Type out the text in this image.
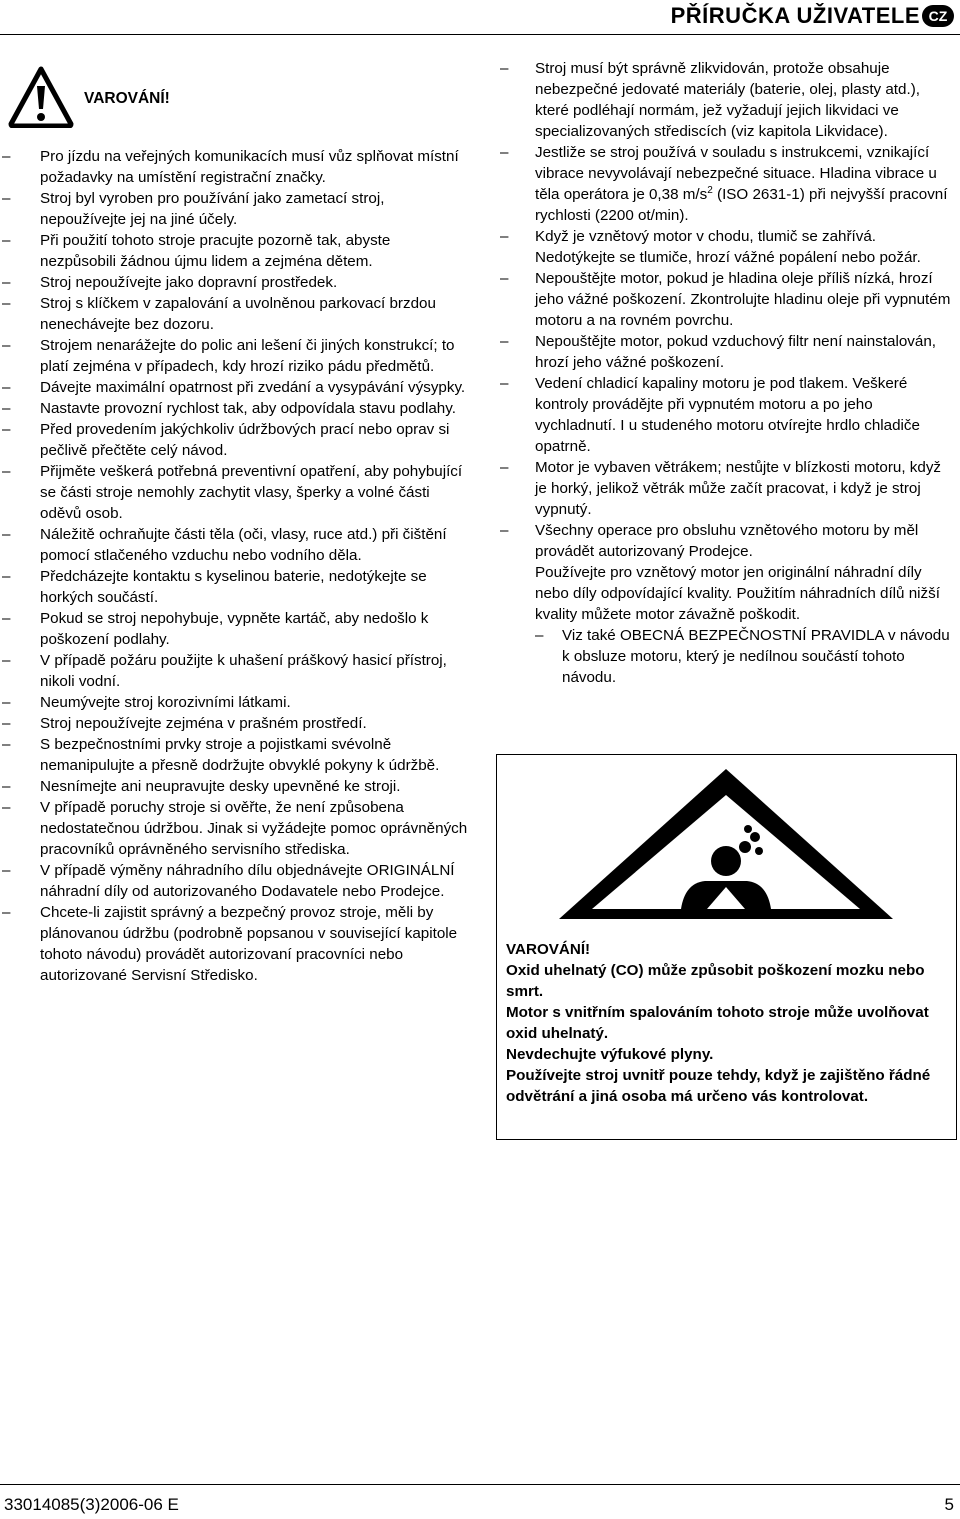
PŘÍRUČKA UŽIVATELE CZ
VAROVÁNÍ!
– Pro jízdu na veřejných komunikacích musí vůz splňovat místní požadavky na umístění registrační značky.
– Stroj byl vyroben pro používání jako zametací stroj, nepoužívejte jej na jiné účely.
– Při použití tohoto stroje pracujte pozorně tak, abyste nezpůsobili žádnou újmu lidem a zejména dětem.
– Stroj nepoužívejte jako dopravní prostředek.
– Stroj s klíčkem v zapalování a uvolněnou parkovací brzdou nenechávejte bez dozoru.
– Strojem nenarážejte do polic ani lešení či jiných konstrukcí; to platí zejména v případech, kdy hrozí riziko pádu předmětů.
– Dávejte maximální opatrnost při zvedání a vysypávání výsypky.
– Nastavte provozní rychlost tak, aby odpovídala stavu podlahy.
– Před provedením jakýchkoliv údržbových prací nebo oprav si pečlivě přečtěte celý návod.
– Přijměte veškerá potřebná preventivní opatření, aby pohybující se části stroje nemohly zachytit vlasy, šperky a volné části oděvů osob.
– Náležitě ochraňujte části těla (oči, vlasy, ruce atd.) při čištění pomocí stlačeného vzduchu nebo vodního děla.
– Předcházejte kontaktu s kyselinou baterie, nedotýkejte se horkých součástí.
– Pokud se stroj nepohybuje, vypněte kartáč, aby nedošlo k poškození podlahy.
– V případě požáru použijte k uhašení práškový hasicí přístroj, nikoli vodní.
– Neumývejte stroj korozivními látkami.
– Stroj nepoužívejte zejména v prašném prostředí.
– S bezpečnostními prvky stroje a pojistkami svévolně nemanipulujte a přesně dodržujte obvyklé pokyny k údržbě.
– Nesnímejte ani neupravujte desky upevněné ke stroji.
– V případě poruchy stroje si ověřte, že není způsobena nedostatečnou údržbou. Jinak si vyžádejte pomoc oprávněných pracovníků oprávněného servisního střediska.
– V případě výměny náhradního dílu objednávejte ORIGINÁLNÍ náhradní díly od autorizovaného Dodavatele nebo Prodejce.
– Chcete-li zajistit správný a bezpečný provoz stroje, měli by plánovanou údržbu (podrobně popsanou v související kapitole tohoto návodu) provádět autorizovaní pracovníci nebo autorizované Servisní Středisko.
– Stroj musí být správně zlikvidován, protože obsahuje nebezpečné jedovaté materiály (baterie, olej, plasty atd.), které podléhají normám, jež vyžadují jejich likvidaci ve specializovaných střediscích (viz kapitola Likvidace).
– Jestliže se stroj používá v souladu s instrukcemi, vznikající vibrace nevyvolávají nebezpečné situace. Hladina vibrace u těla operátora je 0,38 $m/s^2$ (ISO 2631-1) při nejvyšší pracovní rychlosti (2200 ot/min).
– Když je vznětový motor v chodu, tlumič se zahřívá. Nedotýkejte se tlumiče, hrozí vážné popálení nebo požár.
– Nepouštějte motor, pokud je hladina oleje příliš nízká, hrozí jeho vážné poškození. Zkontrolujte hladinu oleje při vypnutém motoru a na rovném povrchu.
– Nepouštějte motor, pokud vzduchový filtr není nainstalován, hrozí jeho vážné poškození.
– Vedení chladicí kapaliny motoru je pod tlakem. Veškeré kontroly provádějte při vypnutém motoru a po jeho vychladnutí. I u studeného motoru otvírejte hrdlo chladiče opatrně.
– Motor je vybaven větrákem; nestůjte v blízkosti motoru, když je horký, jelikož větrák může začít pracovat, i když je stroj vypnutý.
– Všechny operace pro obsluhu vznětového motoru by měl provádět autorizovaný Prodejce.
Používejte pro vznětový motor jen originální náhradní díly nebo díly odpovídající kvality. Použitím náhradních dílů nižší kvality můžete motor závažně poškodit.
– Viz také OBECNÁ BEZPEČNOSTNÍ PRAVIDLA v návodu k obsluze motoru, který je nedílnou součástí tohoto návodu.
VAROVÁNÍ!
Oxid uhelnatý (CO) může způsobit poškození mozku nebo smrt.
Motor s vnitřním spalováním tohoto stroje může uvolňovat oxid uhelnatý.
Nevdechujte výfukové plyny.
Používejte stroj uvnitř pouze tehdy, když je zajištěno řádné odvětrání a jiná osoba má určeno vás kontrolovat.
33014085(3)2006-06 E	5
